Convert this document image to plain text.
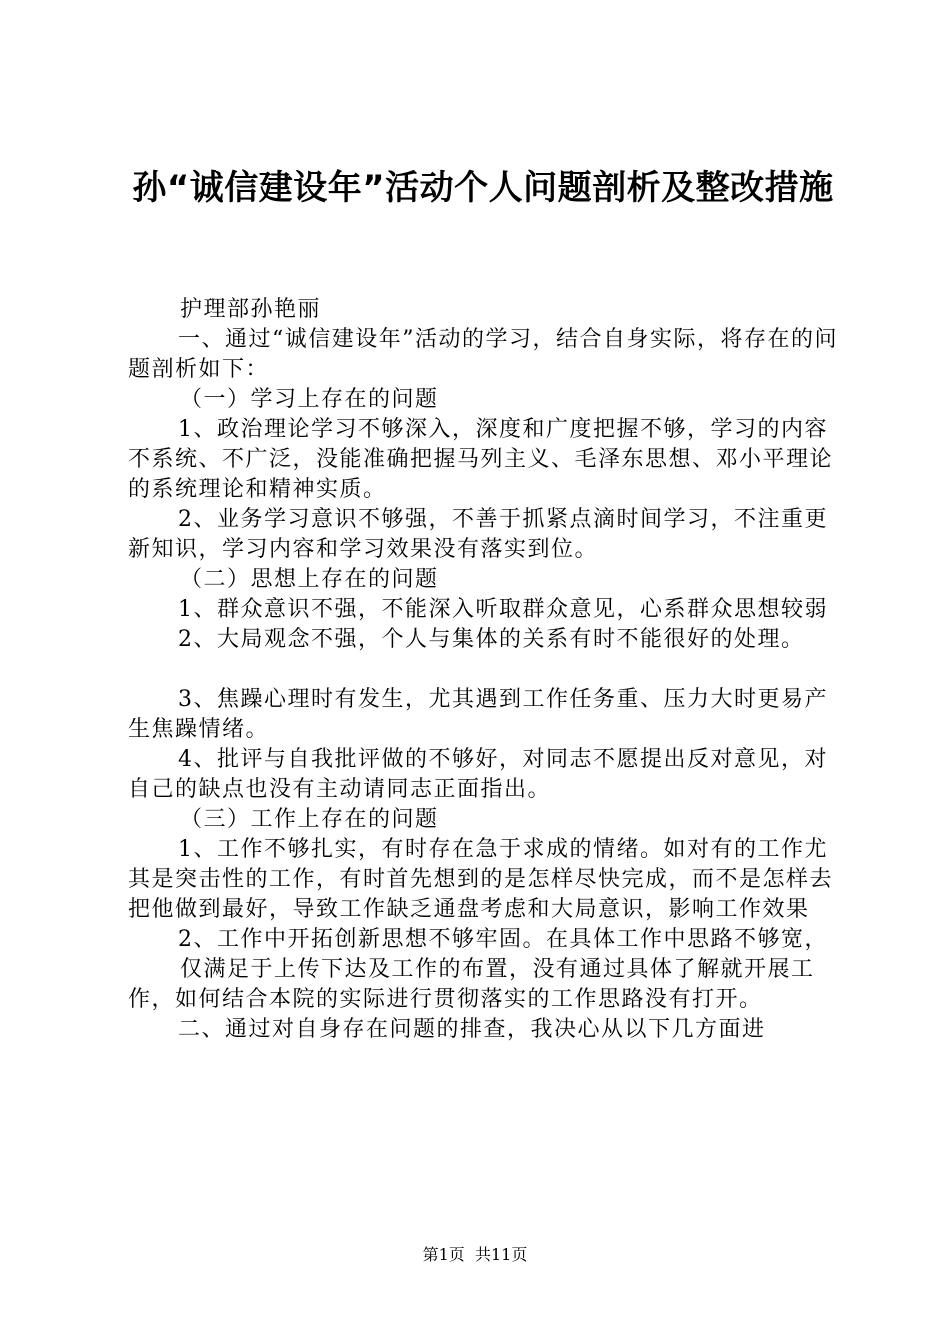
孙“诚信建设年”活动个人问题剖析及整改措施

护理部孙艳丽

一、通过“诚信建设年”活动的学习，结合自身实际，将存在的问题剖析如下：

（一）学习上存在的问题

1、政治理论学习不够深入，深度和广度把握不够，学习的内容不系统、不广泛，没能准确把握马列主义、毛泽东思想、邓小平理论的系统理论和精神实质。

2、业务学习意识不够强，不善于抓紧点滴时间学习，不注重更新知识，学习内容和学习效果没有落实到位。

（二）思想上存在的问题

1、群众意识不强，不能深入听取群众意见，心系群众思想较弱

2、大局观念不强，个人与集体的关系有时不能很好的处理。

3、焦躁心理时有发生，尤其遇到工作任务重、压力大时更易产生焦躁情绪。

4、批评与自我批评做的不够好，对同志不愿提出反对意见，对自己的缺点也没有主动请同志正面指出。

（三）工作上存在的问题

1、工作不够扎实，有时存在急于求成的情绪。如对有的工作尤其是突击性的工作，有时首先想到的是怎样尽快完成，而不是怎样去把他做到最好，导致工作缺乏通盘考虑和大局意识，影响工作效果

2、工作中开拓创新思想不够牢固。在具体工作中思路不够宽，

仅满足于上传下达及工作的布置，没有通过具体了解就开展工作，如何结合本院的实际进行贯彻落实的工作思路没有打开。

二、通过对自身存在问题的排查，我决心从以下几方面进

第1页 共11页
